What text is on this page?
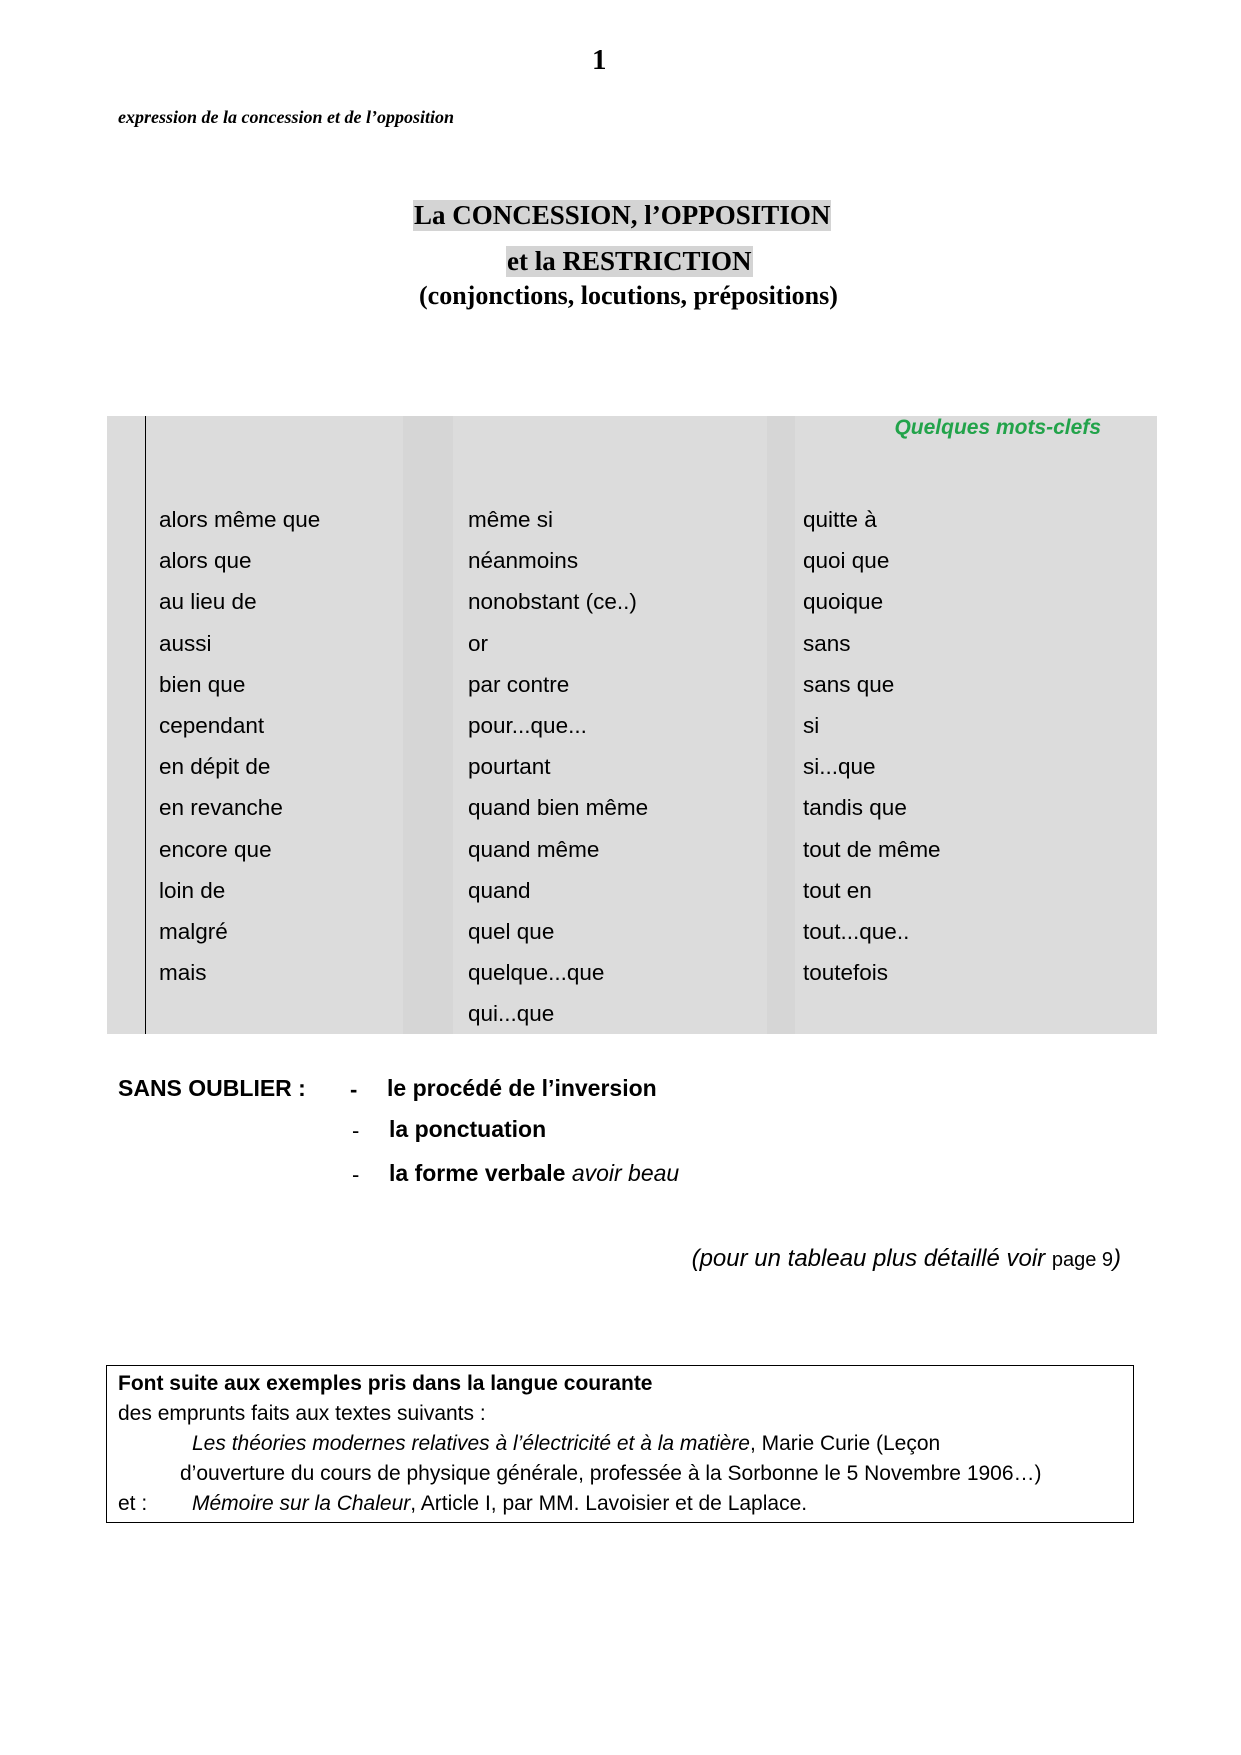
1
expression de la concession et de l’opposition
La CONCESSION, l’OPPOSITION
et la RESTRICTION
(conjonctions, locutions, prépositions)
Quelques mots-clefs
alors même que
alors que
au lieu de
aussi
bien que
cependant
en dépit de
en revanche
encore que
loin de
malgré
mais
même si
néanmoins
nonobstant (ce..)
or
par contre
pour...que...
pourtant
quand bien même
quand même
quand
quel que
quelque...que
qui...que
quitte à
quoi que
quoique
sans
sans que
si
si...que
tandis que
tout de même
tout en
tout...que..
toutefois
SANS OUBLIER : - le procédé de l’inversion
- la ponctuation
- la forme verbale avoir beau
(pour un tableau plus détaillé voir page 9)
Font suite aux exemples pris dans la langue courante
des emprunts faits aux textes suivants :
Les théories modernes relatives à l’électricité et à la matière, Marie Curie (Leçon
d’ouverture du cours de physique générale, professée à la Sorbonne le 5 Novembre 1906…)
et : Mémoire sur la Chaleur, Article I, par MM. Lavoisier et de Laplace.
